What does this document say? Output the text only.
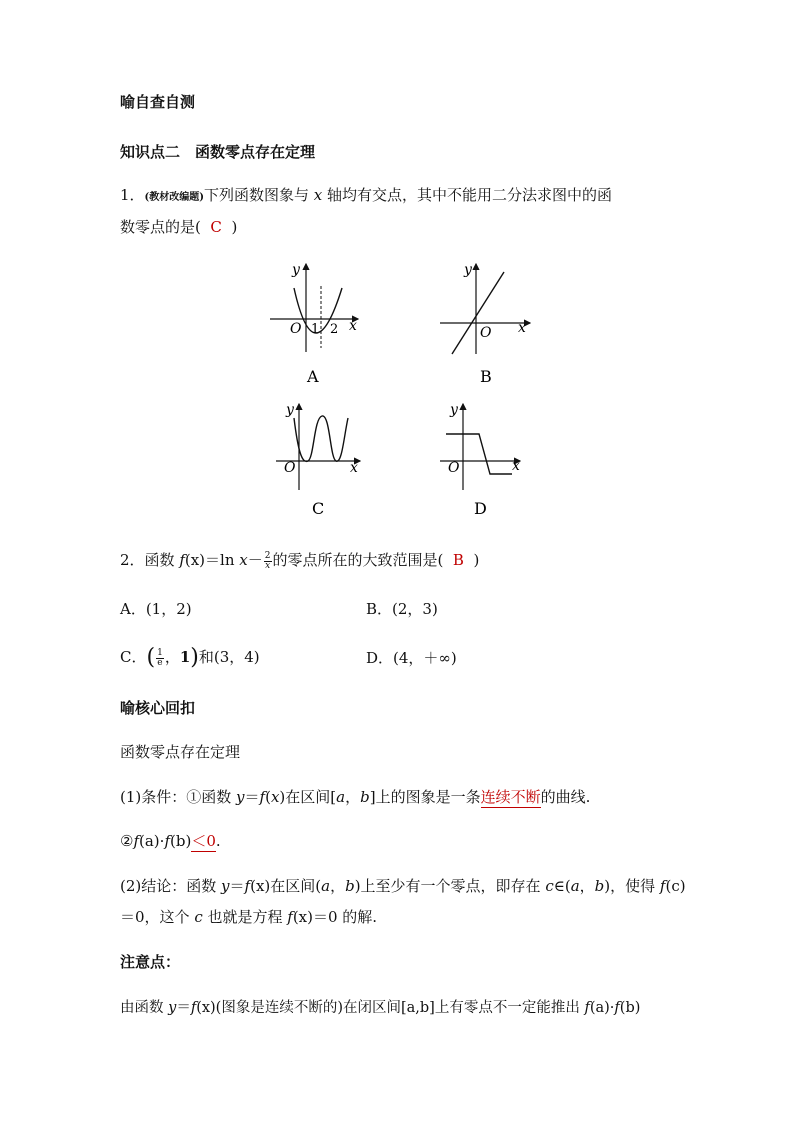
喻自查自测
知识点二　函数零点存在定理
1．(教材改编题)下列函数图象与 x 轴均有交点，其中不能用二分法求图中的函
数零点的是( C )
y
O 1 2 x
A
y
O x
B
y
O	x
C
y
O	x
D
2．函数 f(x)＝ln $x- \frac{2}{x}$ 的零点所在的大致范围是( B )
A．(1，2)	B．(2，3)
C．( $\frac{1}{e}$ ，1)和(3，4)	D．(4，＋∞)
喻核心回扣
函数零点存在定理
(1)条件：①函数 y＝f(x)在区间[a，b]上的图象是一条连续不断的曲线.
②f(a)·f(b)＜0.
(2)结论：函数 y＝f(x)在区间(a，b)上至少有一个零点，即存在 c∈(a，b)，使得 f(c)
＝0，这个 c 也就是方程 f(x)＝0 的解.
注意点：
由函数 y＝f(x)(图象是连续不断的)在闭区间[a,b]上有零点不一定能推出 f(a)·f(b)
